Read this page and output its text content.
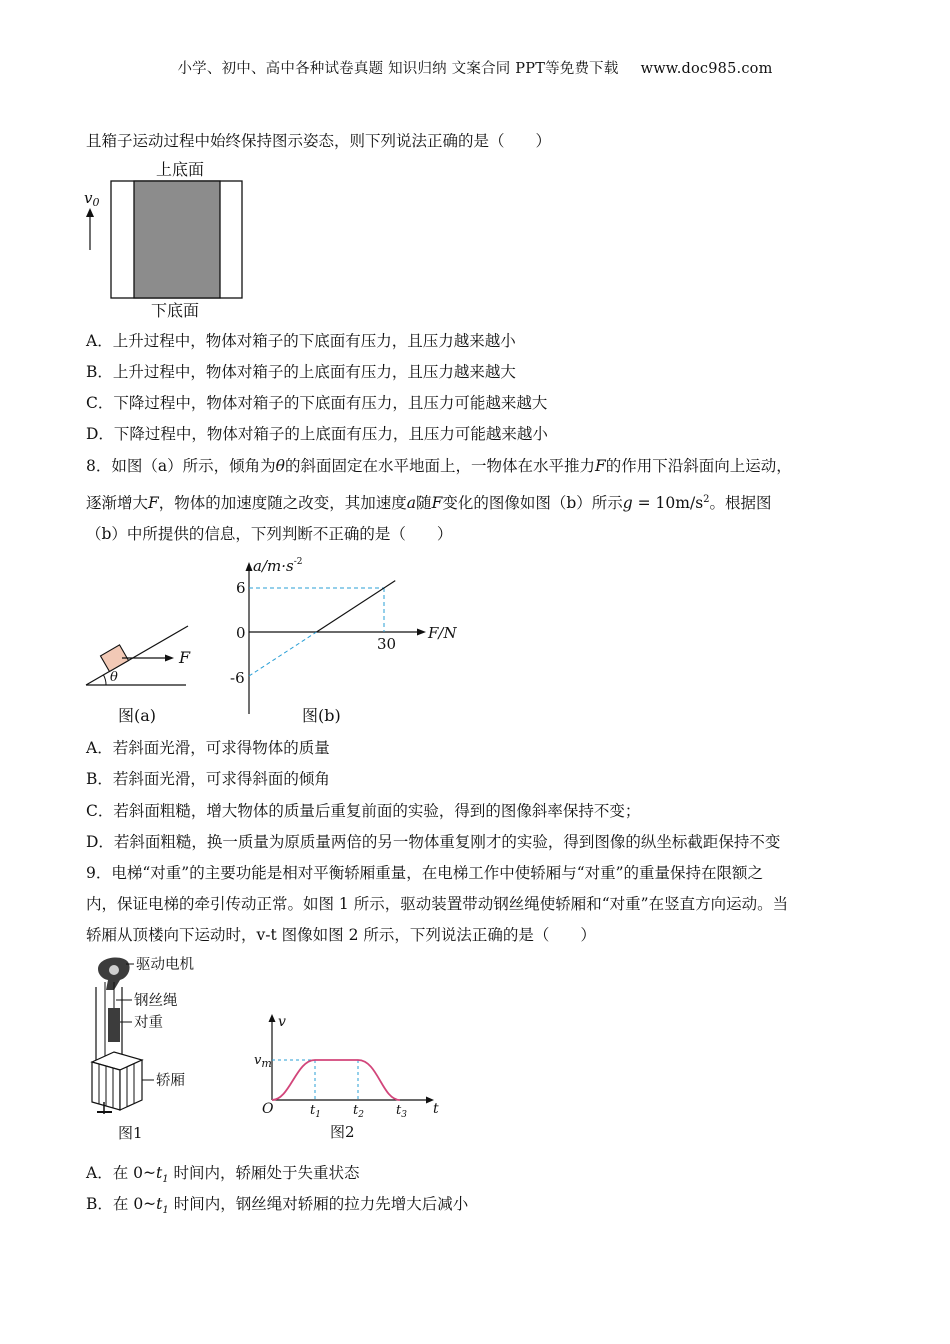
小学、初中、高中各种试卷真题 知识归纳 文案合同 PPT等免费下载 www.doc985.com
且箱子运动过程中始终保持图示姿态，则下列说法正确的是（　　）
上底面
下底面
$v_0$
A．上升过程中，物体对箱子的下底面有压力，且压力越来越小
B．上升过程中，物体对箱子的上底面有压力，且压力越来越大
C．下降过程中，物体对箱子的下底面有压力，且压力可能越来越大
D．下降过程中，物体对箱子的上底面有压力，且压力可能越来越小
8．如图（a）所示，倾角为θ的斜面固定在水平地面上，一物体在水平推力F的作用下沿斜面向上运动，
逐渐增大F，物体的加速度随之改变，其加速度a随F变化的图像如图（b）所示$g = 10m/s^2$。根据图
（b）中所提供的信息，下列判断不正确的是（　　）
F
θ
图(a)
$a/m\cdot s^{-2}$
F/N
6
0
-6
30
图(b)
A．若斜面光滑，可求得物体的质量
B．若斜面光滑，可求得斜面的倾角
C．若斜面粗糙，增大物体的质量后重复前面的实验，得到的图像斜率保持不变；
D．若斜面粗糙，换一质量为原质量两倍的另一物体重复刚才的实验，得到图像的纵坐标截距保持不变
9．电梯“对重”的主要功能是相对平衡轿厢重量，在电梯工作中使轿厢与“对重”的重量保持在限额之
内，保证电梯的牵引传动正常。如图 1 所示，驱动装置带动钢丝绳使轿厢和“对重”在竖直方向运动。当
轿厢从顶楼向下运动时，v-t 图像如图 2 所示，下列说法正确的是（　　）
驱动电机
钢丝绳
对重
轿厢
图1
v
t
O
$v_m$
$t_1$ $t_2$ $t_3$
图2
A．在 $0\sim t_1$ 时间内，轿厢处于失重状态
B．在 $0\sim t_1$ 时间内，钢丝绳对轿厢的拉力先增大后减小
